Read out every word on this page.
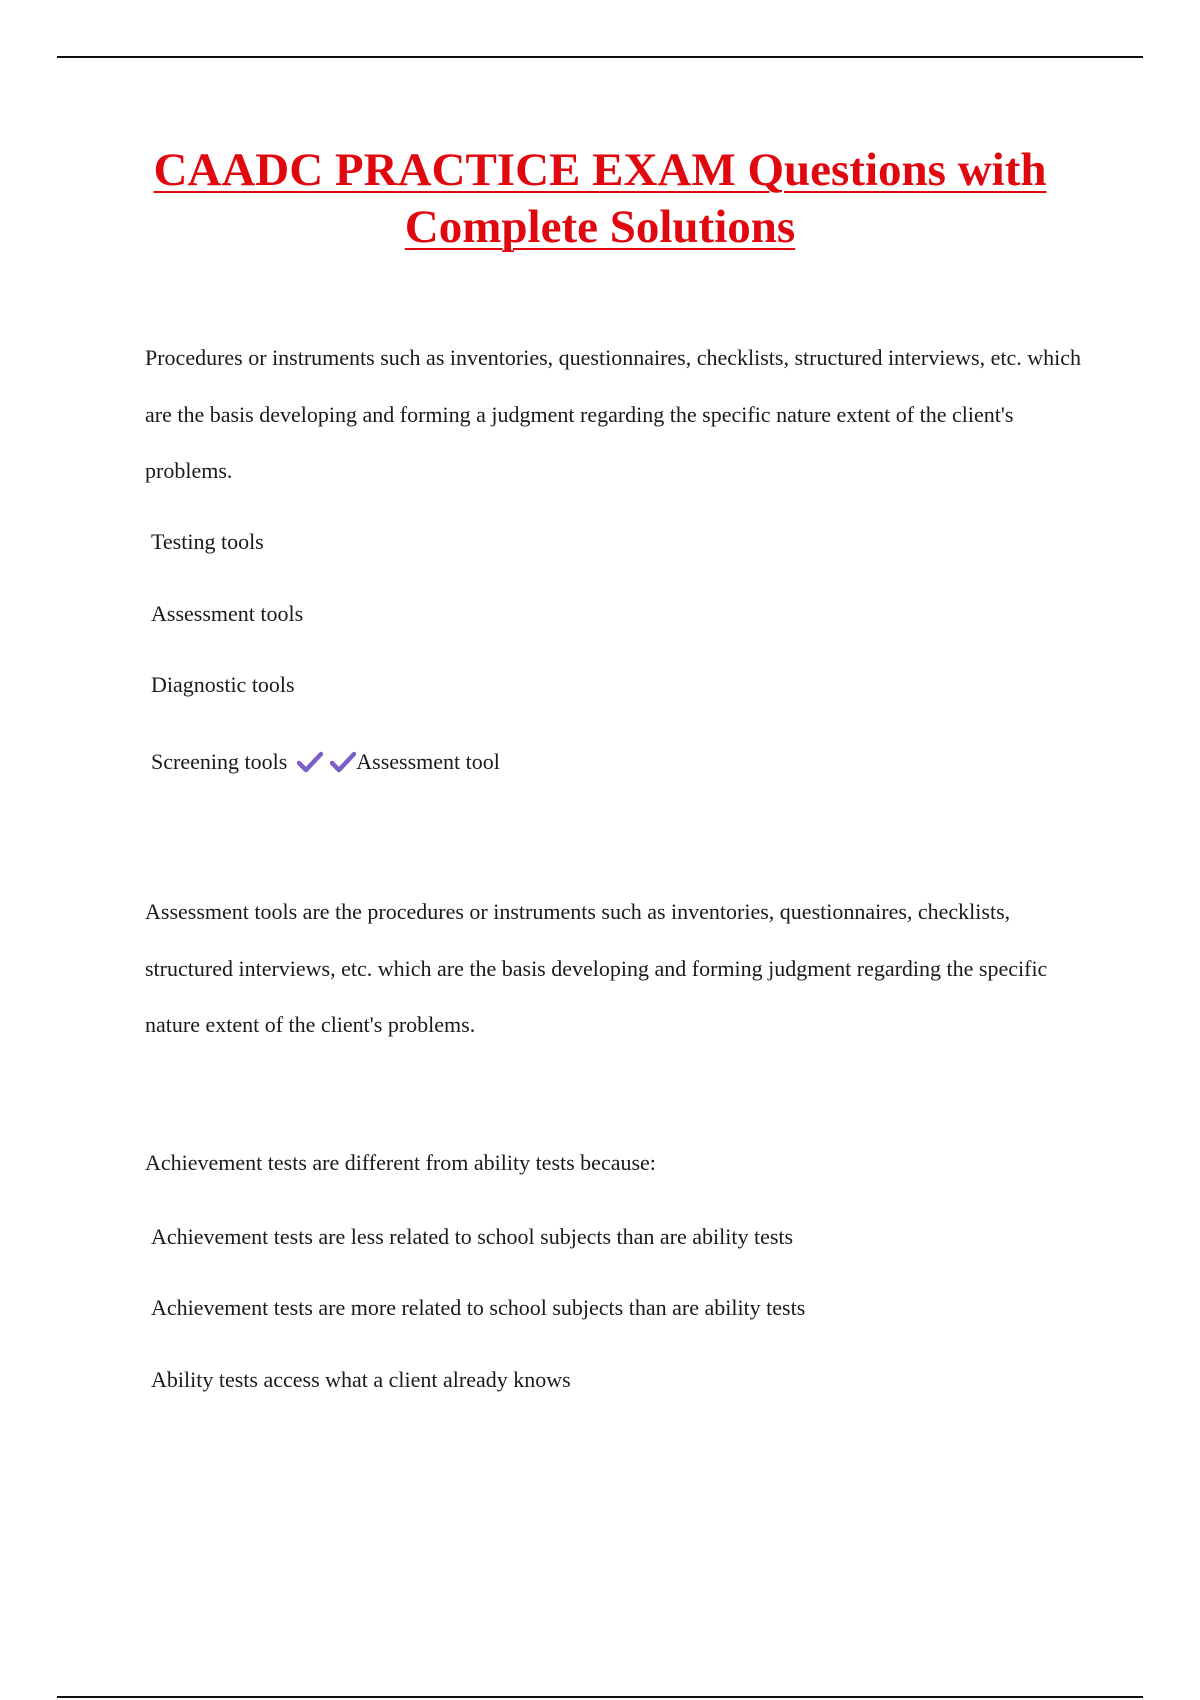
CAADC PRACTICE EXAM Questions with
Complete Solutions

Procedures or instruments such as inventories, questionnaires, checklists, structured interviews, etc. which are the basis developing and forming a judgment regarding the specific nature extent of the client's problems.

Testing tools

Assessment tools

Diagnostic tools

Screening tools	Assessment tool

Assessment tools are the procedures or instruments such as inventories, questionnaires, checklists, structured interviews, etc. which are the basis developing and forming judgment regarding the specific nature extent of the client's problems.

Achievement tests are different from ability tests because:

Achievement tests are less related to school subjects than are ability tests

Achievement tests are more related to school subjects than are ability tests

Ability tests access what a client already knows
